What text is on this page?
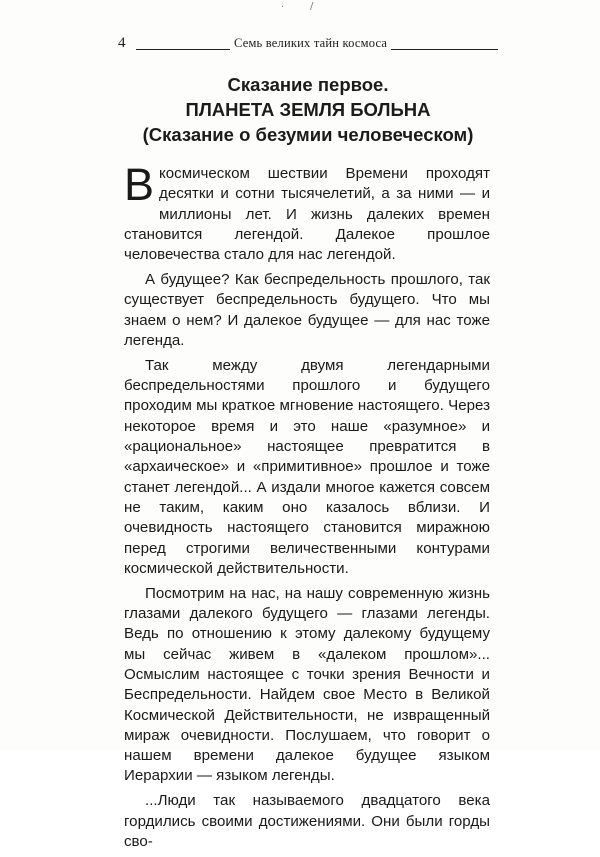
·	/
4	Семь великих тайн космоса
Сказание первое.
ПЛАНЕТА ЗЕМЛЯ БОЛЬНА
(Сказание о безумии человеческом)

В космическом шествии Времени проходят десятки и сотни тысячелетий, а за ними — и миллионы лет. И жизнь далеких времен становится легендой. Далекое прошлое человечества стало для нас легендой.

А будущее? Как беспредельность прошлого, так существует беспредельность будущего. Что мы знаем о нем? И далекое будущее — для нас тоже легенда.

Так между двумя легендарными беспредельностями прошлого и будущего проходим мы краткое мгновение настоящего. Через некоторое время и это наше «разумное» и «рациональное» настоящее превратится в «архаическое» и «примитивное» прошлое и тоже станет легендой... А издали многое кажется совсем не таким, каким оно казалось вблизи. И очевидность настоящего становится миражною перед строгими величественными контурами космической действительности.

Посмотрим на нас, на нашу современную жизнь глазами далекого будущего — глазами легенды. Ведь по отношению к этому далекому будущему мы сейчас живем в «далеком прошлом»... Осмыслим настоящее с точки зрения Вечности и Беспредельности. Найдем свое Место в Великой Космической Действительности, не извращенный мираж очевидности. Послушаем, что говорит о нашем времени далекое будущее языком Иерархии — языком легенды.

...Люди так называемого двадцатого века гордились своими достижениями. Они были горды сво-
